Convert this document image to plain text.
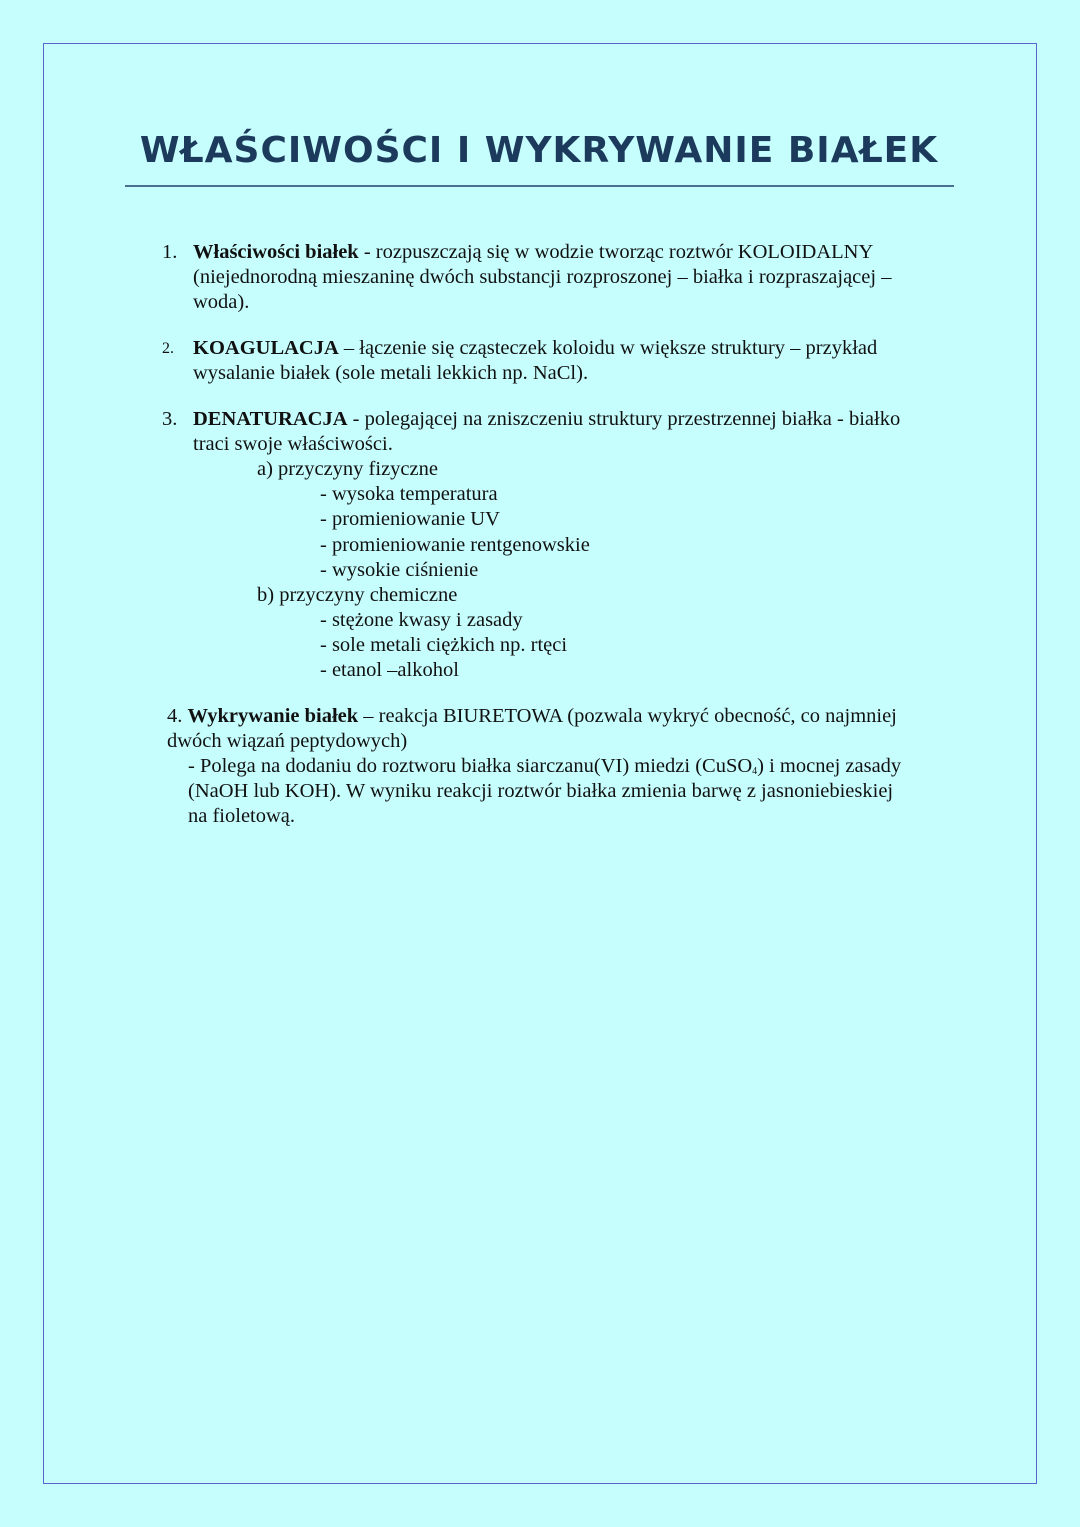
WŁAŚCIWOŚCI I WYKRYWANIE BIAŁEK
1. Właściwości białek - rozpuszczają się w wodzie tworząc roztwór KOLOIDALNY
(niejednorodną mieszaninę dwóch substancji rozproszonej – białka i rozpraszającej –
woda).
2. KOAGULACJA – łączenie się cząsteczek koloidu w większe struktury – przykład
wysalanie białek (sole metali lekkich np. NaCl).
3. DENATURACJA - polegającej na zniszczeniu struktury przestrzennej białka - białko
traci swoje właściwości.
a) przyczyny fizyczne
- wysoka temperatura
- promieniowanie UV
- promieniowanie rentgenowskie
- wysokie ciśnienie
b) przyczyny chemiczne
- stężone kwasy i zasady
- sole metali ciężkich np. rtęci
- etanol –alkohol
4. Wykrywanie białek – reakcja BIURETOWA (pozwala wykryć obecność, co najmniej
dwóch wiązań peptydowych)
- Polega na dodaniu do roztworu białka siarczanu(VI) miedzi (CuSO$_4$) i mocnej zasady
(NaOH lub KOH). W wyniku reakcji roztwór białka zmienia barwę z jasnoniebieskiej
na fioletową.
